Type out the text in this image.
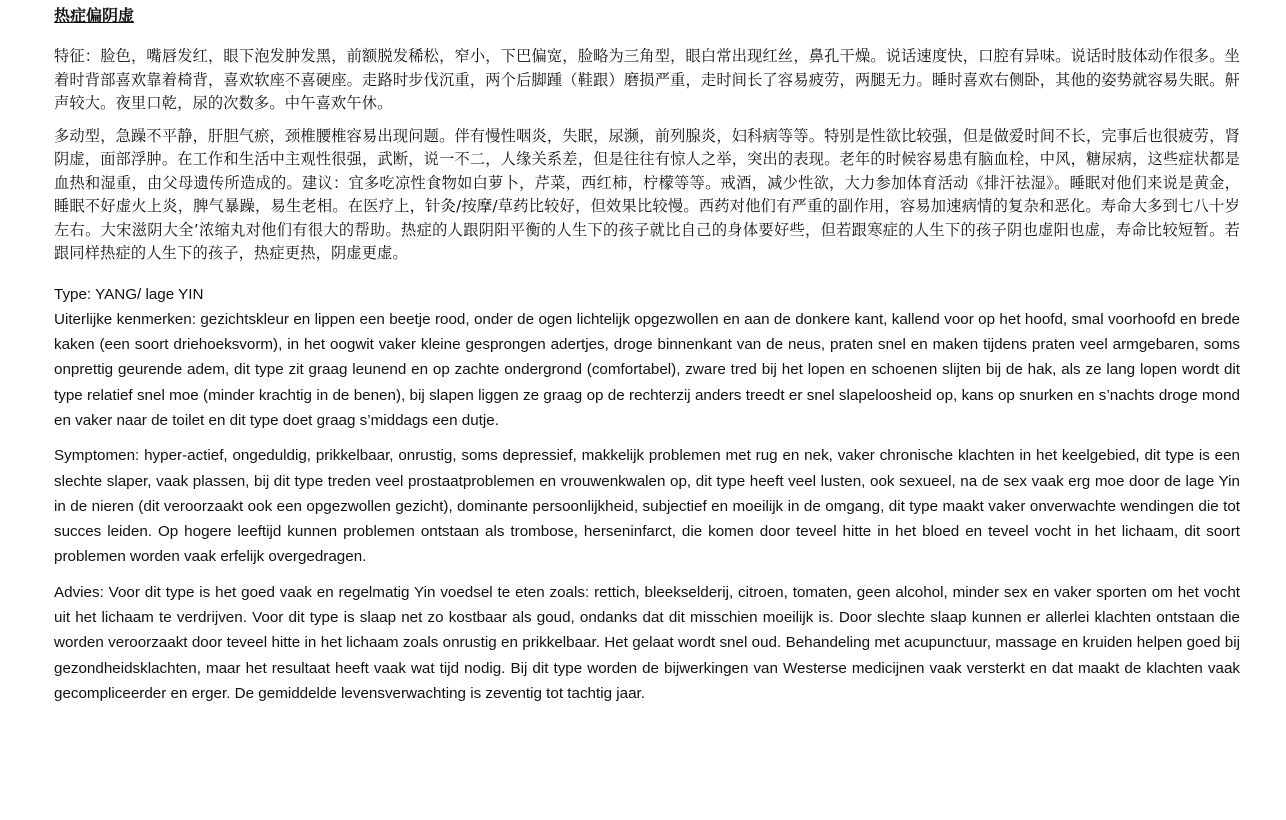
热症偏阴虚

特征：脸色，嘴唇发红，眼下泡发肿发黑，前额脱发稀松，窄小，下巴偏宽，脸略为三角型，眼白常出现红丝，鼻孔干燥。说话速度快，口腔有异味。说话时肢体动作很多。坐着时背部喜欢靠着椅背，喜欢软座不喜硬座。走路时步伐沉重，两个后脚踵（鞋跟）磨损严重，走时间长了容易疲劳，两腿无力。睡时喜欢右侧卧，其他的姿势就容易失眠。鼾声较大。夜里口乾，尿的次数多。中午喜欢午休。

多动型，急躁不平静，肝胆气瘀，颈椎腰椎容易出现问题。伴有慢性咽炎，失眠，尿濒，前列腺炎，妇科病等等。特别是性欲比较强，但是做爱时间不长，完事后也很疲劳，肾阴虚，面部浮肿。在工作和生活中主观性很强，武断，说一不二，人缘关系差，但是往往有惊人之举，突出的表现。老年的时候容易患有脑血栓，中风，糖尿病，这些症状都是血热和湿重，由父母遗传所造成的。建议：宜多吃凉性食物如白萝卜，芹菜，西红柿，柠檬等等。戒酒，减少性欲，大力参加体育活动《排汗祛湿》。睡眠对他们来说是黄金，睡眠不好虚火上炎，脾气暴躁，易生老相。在医疗上，针灸/按摩/草药比较好，但效果比较慢。西药对他们有严重的副作用，容易加速病情的复杂和恶化。寿命大多到七八十岁左右。大宋滋阴大全’浓缩丸对他们有很大的帮助。热症的人跟阴阳平衡的人生下的孩子就比自己的身体要好些，但若跟寒症的人生下的孩子阴也虚阳也虚，寿命比较短暂。若跟同样热症的人生下的孩子，热症更热，阴虚更虚。

Type: YANG/ lage YIN

Uiterlijke kenmerken: gezichtskleur en lippen een beetje rood, onder de ogen lichtelijk opgezwollen en aan de donkere kant, kallend voor op het hoofd, smal voorhoofd en brede kaken (een soort driehoeksvorm), in het oogwit vaker kleine gesprongen adertjes, droge binnenkant van de neus, praten snel en maken tijdens praten veel armgebaren, soms onprettig geurende adem, dit type zit graag leunend en op zachte ondergrond (comfortabel), zware tred bij het lopen en schoenen slijten bij de hak, als ze lang lopen wordt dit type relatief snel moe (minder krachtig in de benen), bij slapen liggen ze graag op de rechterzij anders treedt er snel slapeloosheid op, kans op snurken en s’nachts droge mond en vaker naar de toilet en dit type doet graag s’middags een dutje.

Symptomen: hyper-actief, ongeduldig, prikkelbaar, onrustig, soms depressief, makkelijk problemen met rug en nek, vaker chronische klachten in het keelgebied, dit type is een slechte slaper, vaak plassen, bij dit type treden veel prostaatproblemen en vrouwenkwalen op, dit type heeft veel lusten, ook sexueel, na de sex vaak erg moe door de lage Yin in de nieren (dit veroorzaakt ook een opgezwollen gezicht), dominante persoonlijkheid, subjectief en moeilijk in de omgang, dit type maakt vaker onverwachte wendingen die tot succes leiden. Op hogere leeftijd kunnen problemen ontstaan als trombose, herseninfarct, die komen door teveel hitte in het bloed en teveel vocht in het lichaam, dit soort problemen worden vaak erfelijk overgedragen.

Advies: Voor dit type is het goed vaak en regelmatig Yin voedsel te eten zoals: rettich, bleekselderij, citroen, tomaten, geen alcohol, minder sex en vaker sporten om het vocht uit het lichaam te verdrijven. Voor dit type is slaap net zo kostbaar als goud, ondanks dat dit misschien moeilijk is. Door slechte slaap kunnen er allerlei klachten ontstaan die worden veroorzaakt door teveel hitte in het lichaam zoals onrustig en prikkelbaar. Het gelaat wordt snel oud. Behandeling met acupunctuur, massage en kruiden helpen goed bij gezondheidsklachten, maar het resultaat heeft vaak wat tijd nodig. Bij dit type worden de bijwerkingen van Westerse medicijnen vaak versterkt en dat maakt de klachten vaak gecompliceerder en erger. De gemiddelde levensverwachting is zeventig tot tachtig jaar.
